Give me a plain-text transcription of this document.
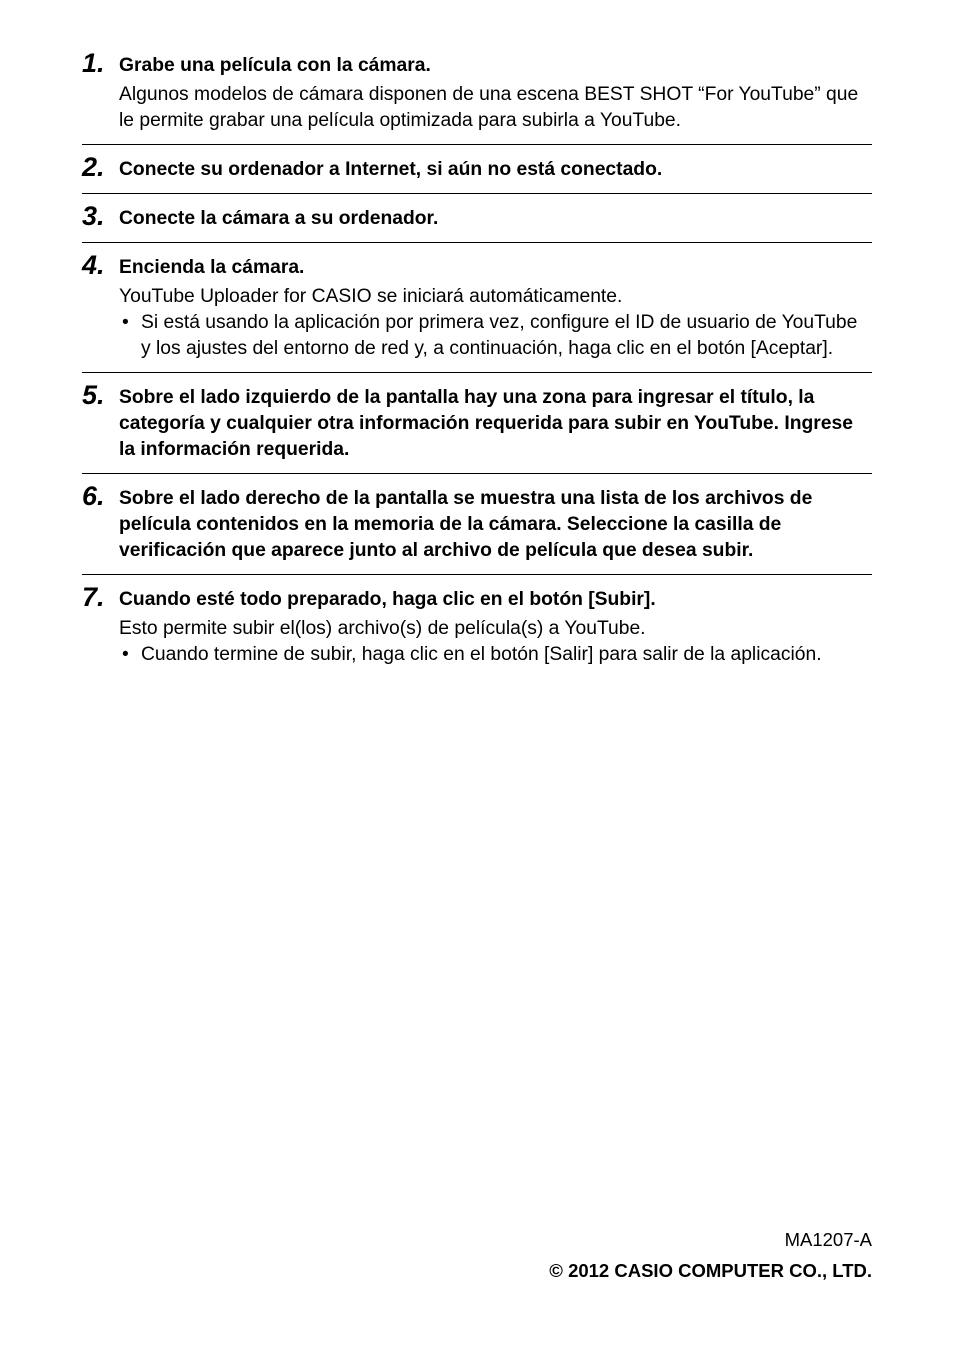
1. Grabe una película con la cámara.

Algunos modelos de cámara disponen de una escena BEST SHOT “For YouTube” que le permite grabar una película optimizada para subirla a YouTube.

2. Conecte su ordenador a Internet, si aún no está conectado.

3. Conecte la cámara a su ordenador.

4. Encienda la cámara.

YouTube Uploader for CASIO se iniciará automáticamente.

• Si está usando la aplicación por primera vez, configure el ID de usuario de YouTube y los ajustes del entorno de red y, a continuación, haga clic en el botón [Aceptar].
5. Sobre el lado izquierdo de la pantalla hay una zona para ingresar el título, la categoría y cualquier otra información requerida para subir en YouTube. Ingrese la información requerida.

6. Sobre el lado derecho de la pantalla se muestra una lista de los archivos de película contenidos en la memoria de la cámara. Seleccione la casilla de verificación que aparece junto al archivo de película que desea subir.

7. Cuando esté todo preparado, haga clic en el botón [Subir].

Esto permite subir el(los) archivo(s) de película(s) a YouTube.

• Cuando termine de subir, haga clic en el botón [Salir] para salir de la aplicación.
MA1207-A
© 2012 CASIO COMPUTER CO., LTD.
